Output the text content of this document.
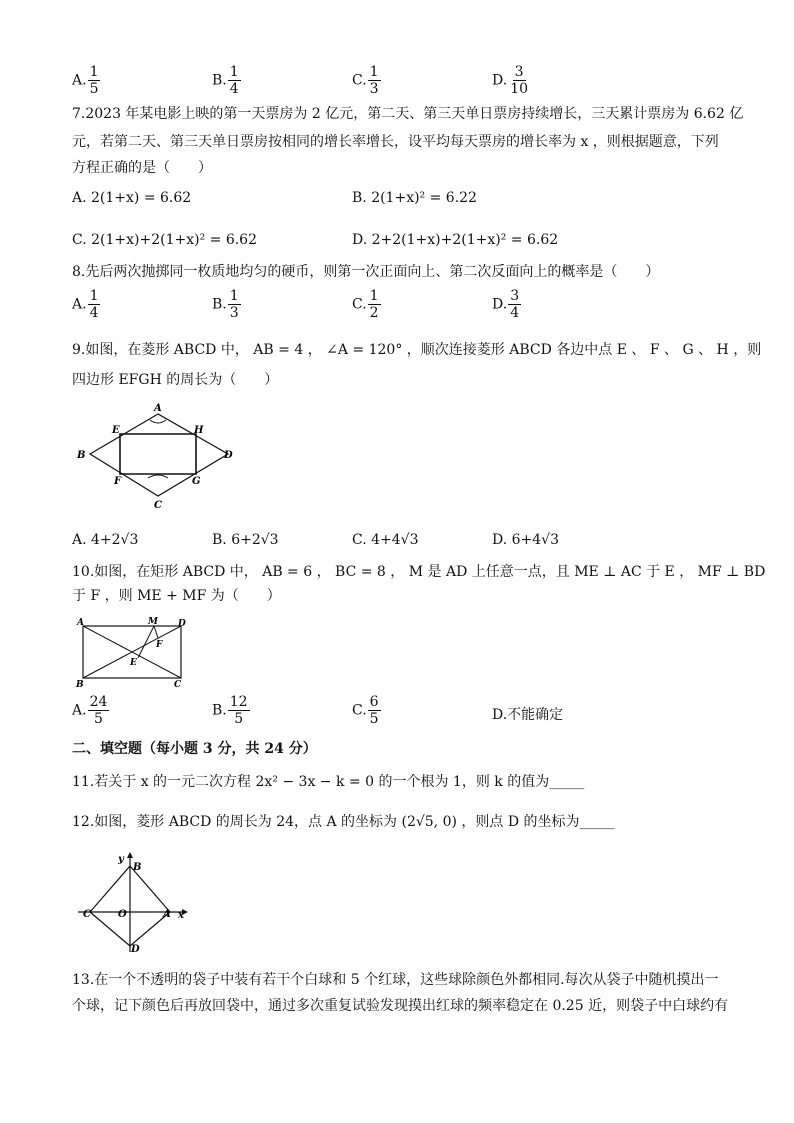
A. $\frac{1}{5}$	B. $\frac{1}{4}$	C. $\frac{1}{3}$	D. $\frac{3}{10}$
7.2023 年某电影上映的第一天票房为 2 亿元，第二天、第三天单日票房持续增长，三天累计票房为 6.62 亿
元，若第二天、第三天单日票房按相同的增长率增长，设平均每天票房的增长率为 x ，则根据题意，下列
方程正确的是（　　）
A. 2(1+x) = 6.62	B. 2(1+x)² = 6.22
C. 2(1+x)+2(1+x)² = 6.62	D. 2+2(1+x)+2(1+x)² = 6.62
8.先后两次抛掷同一枚质地均匀的硬币，则第一次正面向上、第二次反面向上的概率是（　　）
A. $\frac{1}{4}$	B. $\frac{1}{3}$	C. $\frac{1}{2}$	D. $\frac{3}{4}$
9.如图，在菱形 ABCD 中， AB = 4 ， ∠A = 120° ，顺次连接菱形 ABCD 各边中点 E 、 F 、 G 、 H ，则
四边形 EFGH 的周长为（　　）
A
E	H
B	D
F	G
C
A. 4+2√3	B. 6+2√3	C. 4+4√3	D. 6+4√3
10.如图，在矩形 ABCD 中， AB = 6 ， BC = 8 ， M 是 AD 上任意一点，且 ME ⊥ AC 于 E ， MF ⊥ BD
于 F ，则 ME + MF 为（　　）
A	M D
F
E
B	C
A. $\frac{24}{5}$	B. $\frac{12}{5}$	C. $\frac{6}{5}$	D.不能确定
二、填空题（每小题 3 分，共 24 分）
11.若关于 x 的一元二次方程 2x² − 3x − k = 0 的一个根为 1，则 k 的值为_____
12.如图，菱形 ABCD 的周长为 24，点 A 的坐标为 (2√5, 0) ，则点 D 的坐标为_____
y
B
C	O	A x
D
13.在一个不透明的袋子中装有若干个白球和 5 个红球，这些球除颜色外都相同.每次从袋子中随机摸出一
个球，记下颜色后再放回袋中，通过多次重复试验发现摸出红球的频率稳定在 0.25 近，则袋子中白球约有
